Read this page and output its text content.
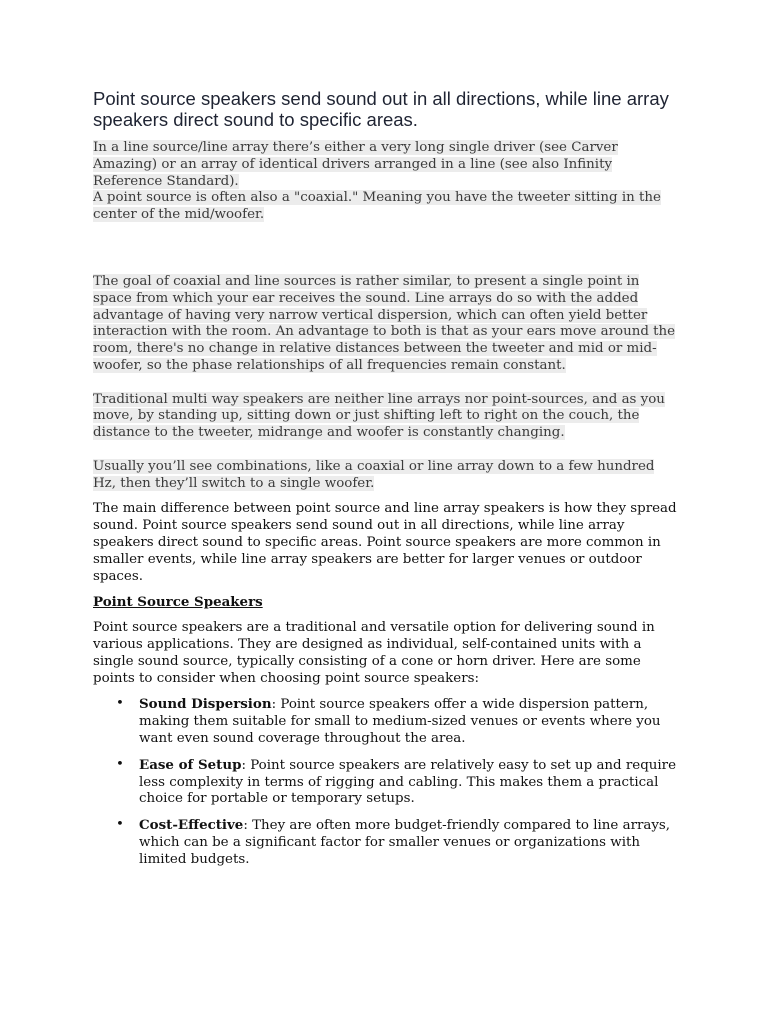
Point source speakers send sound out in all directions, while line array speakers direct sound to specific areas.

In a line source/line array there’s either a very long single driver (see Carver Amazing) or an array of identical drivers arranged in a line (see also Infinity Reference Standard).

A point source is often also a "coaxial." Meaning you have the tweeter sitting in the center of the mid/woofer.

The goal of coaxial and line sources is rather similar, to present a single point in space from which your ear receives the sound. Line arrays do so with the added advantage of having very narrow vertical dispersion, which can often yield better interaction with the room. An advantage to both is that as your ears move around the room, there's no change in relative distances between the tweeter and mid or mid-woofer, so the phase relationships of all frequencies remain constant.

Traditional multi way speakers are neither line arrays nor point-sources, and as you move, by standing up, sitting down or just shifting left to right on the couch, the distance to the tweeter, midrange and woofer is constantly changing.

Usually you’ll see combinations, like a coaxial or line array down to a few hundred Hz, then they’ll switch to a single woofer.

The main difference between point source and line array speakers is how they spread sound. Point source speakers send sound out in all directions, while line array speakers direct sound to specific areas. Point source speakers are more common in smaller events, while line array speakers are better for larger venues or outdoor spaces.

Point Source Speakers

Point source speakers are a traditional and versatile option for delivering sound in various applications. They are designed as individual, self-contained units with a single sound source, typically consisting of a cone or horn driver. Here are some points to consider when choosing point source speakers:

• Sound Dispersion: Point source speakers offer a wide dispersion pattern, making them suitable for small to medium-sized venues or events where you want even sound coverage throughout the area.
• Ease of Setup: Point source speakers are relatively easy to set up and require less complexity in terms of rigging and cabling. This makes them a practical choice for portable or temporary setups.
• Cost-Effective: They are often more budget-friendly compared to line arrays, which can be a significant factor for smaller venues or organizations with limited budgets.
